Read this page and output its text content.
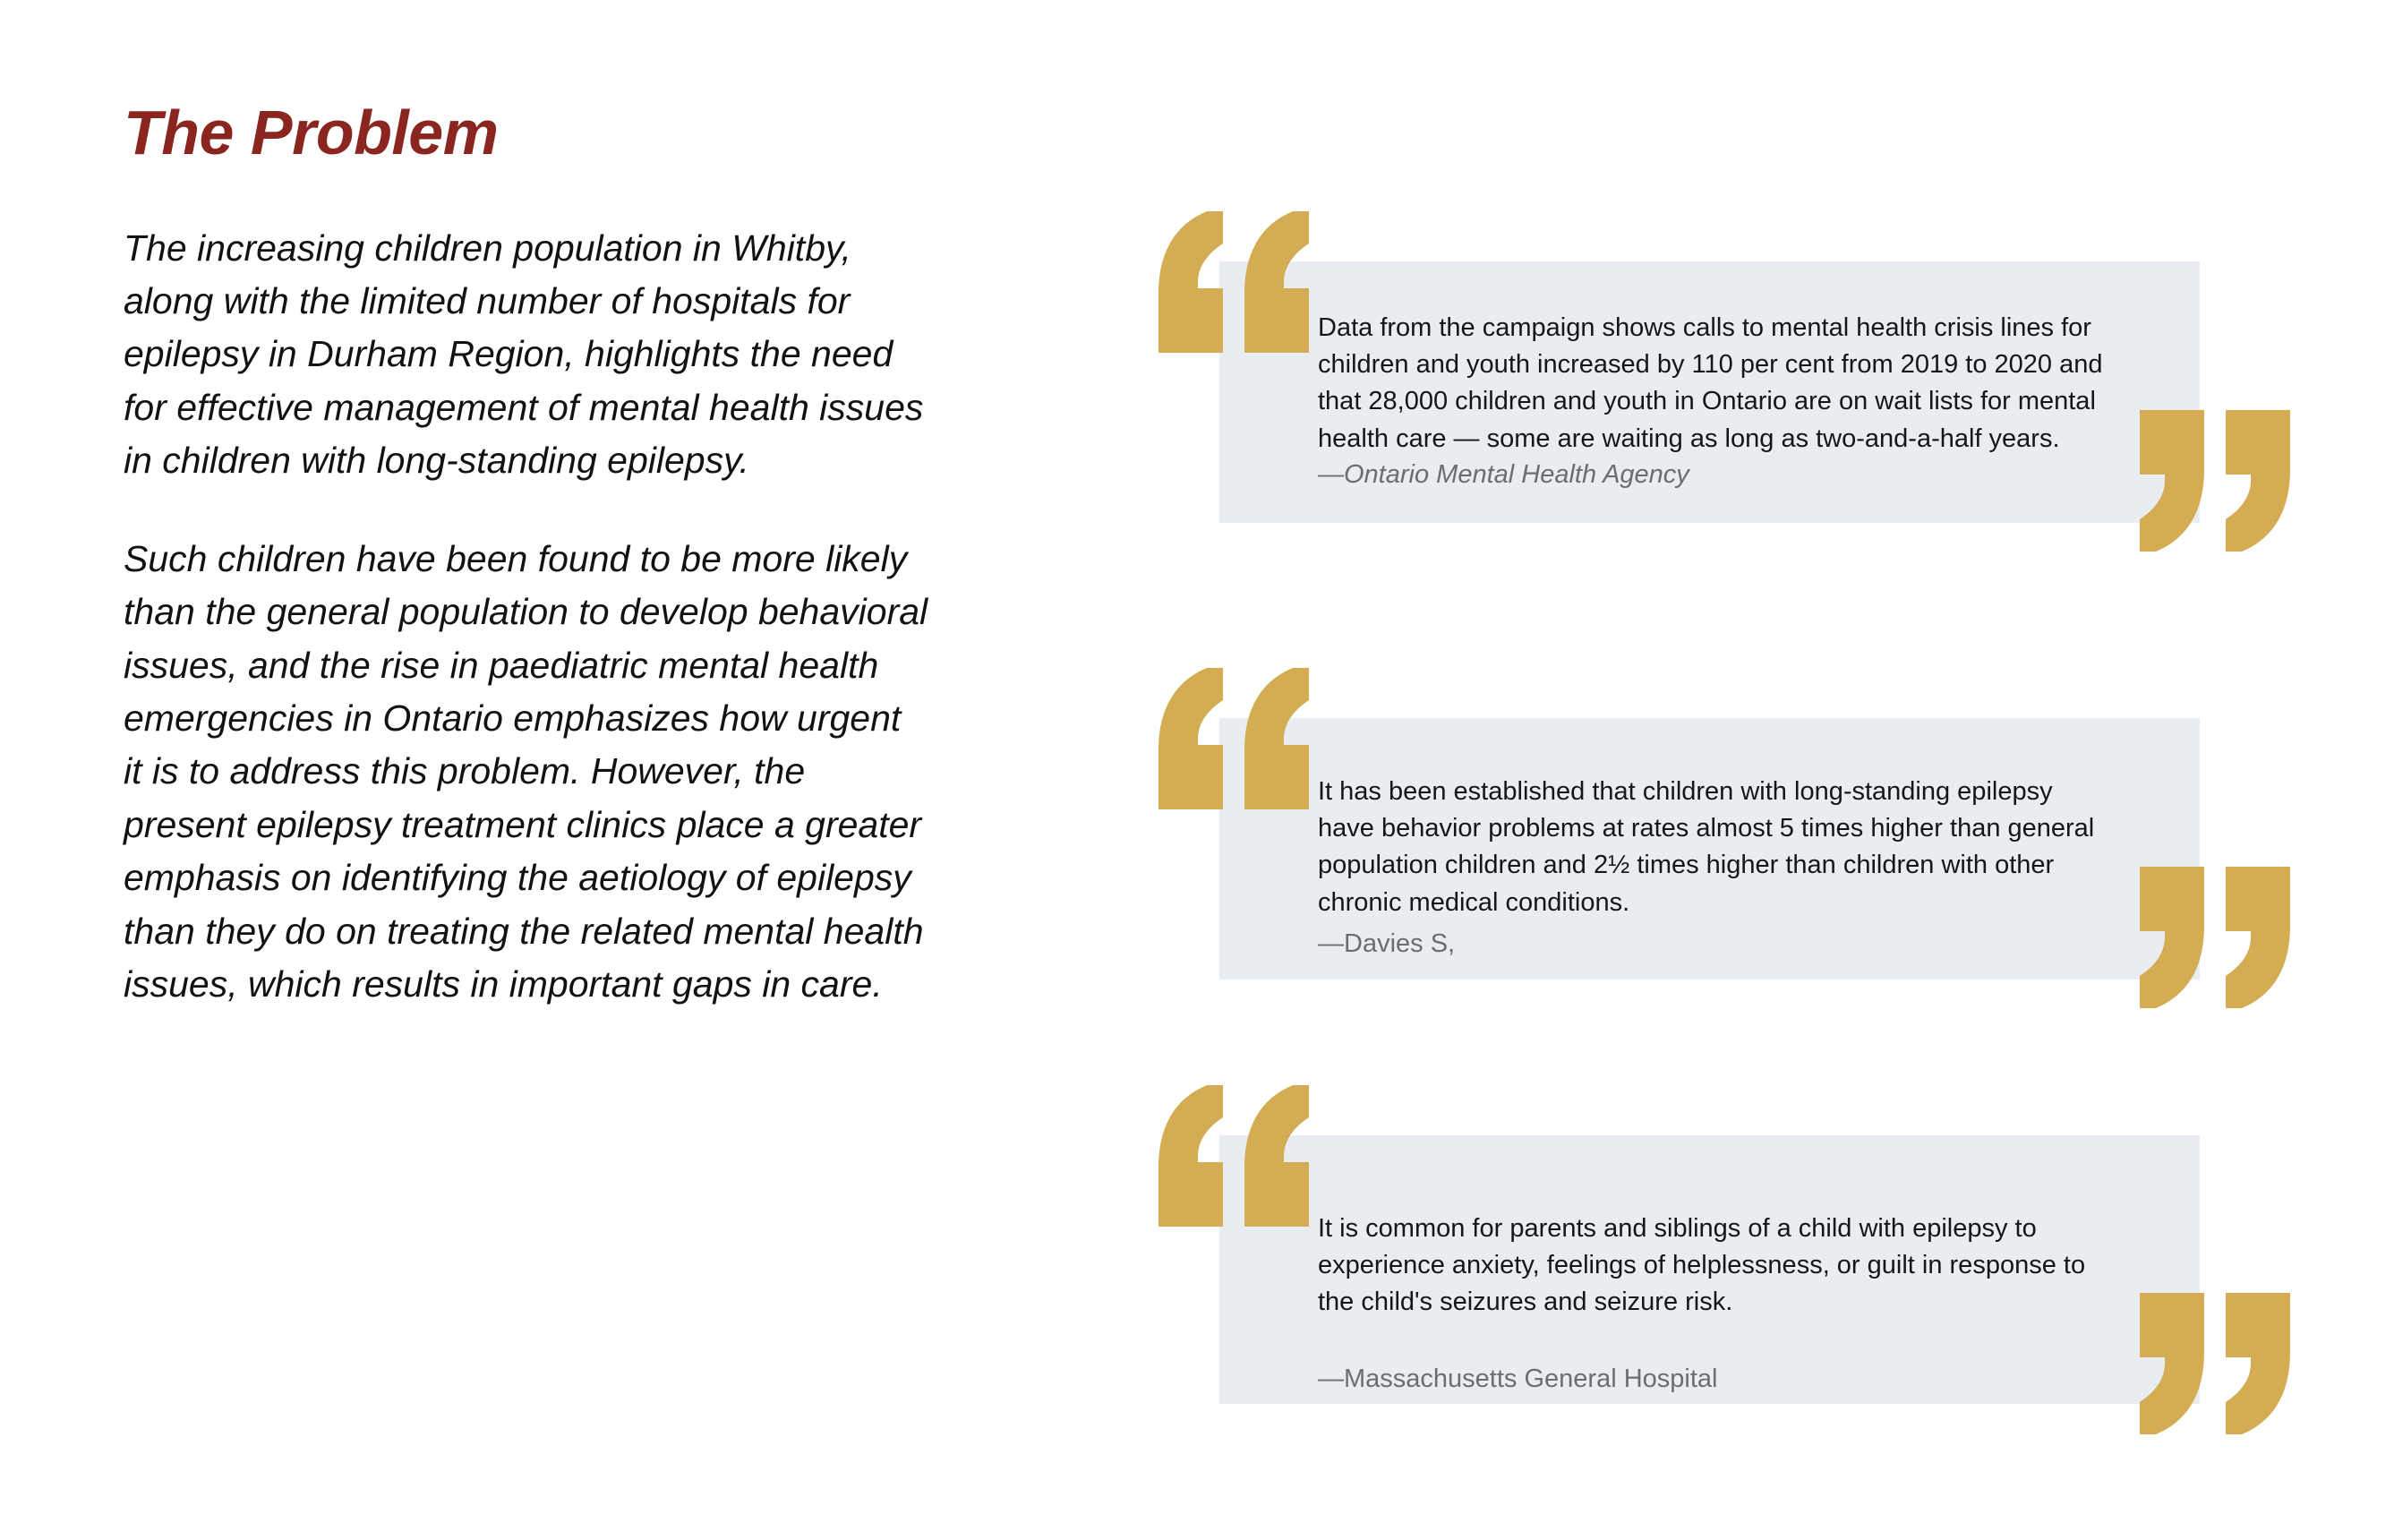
The Problem

The increasing children population in Whitby, along with the limited number of hospitals for epilepsy in Durham Region, highlights the need for effective management of mental health issues in children with long-standing epilepsy.

Such children have been found to be more likely than the general population to develop behavioral issues, and the rise in paediatric mental health emergencies in Ontario emphasizes how urgent it is to address this problem. However, the present epilepsy treatment clinics place a greater emphasis on identifying the aetiology of epilepsy than they do on treating the related mental health issues, which results in important gaps in care.

Data from the campaign shows calls to mental health crisis lines for children and youth increased by 110 per cent from 2019 to 2020 and that 28,000 children and youth in Ontario are on wait lists for mental health care — some are waiting as long as two-and-a-half years.
—Ontario Mental Health Agency
It has been established that children with long-standing epilepsy have behavior problems at rates almost 5 times higher than general population children and 2½ times higher than children with other chronic medical conditions.
—Davies S,
It is common for parents and siblings of a child with epilepsy to experience anxiety, feelings of helplessness, or guilt in response to the child's seizures and seizure risk.
—Massachusetts General Hospital
